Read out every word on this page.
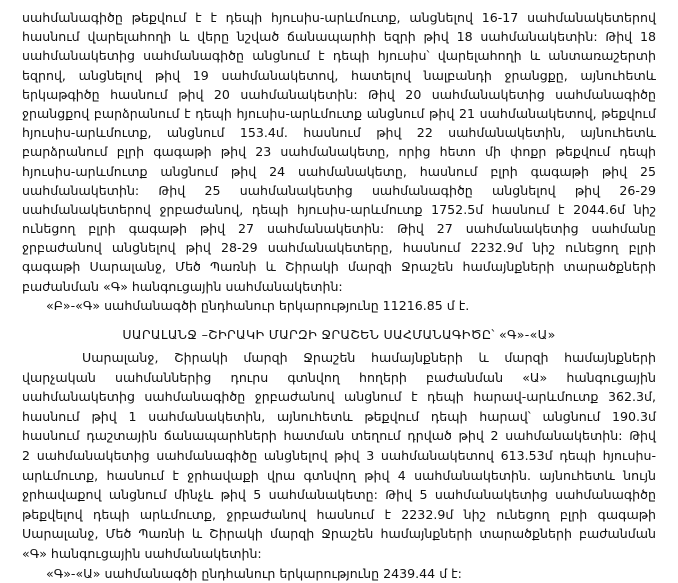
սահմանագիծը թեքվում է է դեպի հյուսիս-արևմուտք, անցնելով 16-17 սահմանակետերով
հասնում վարելահողի և վերը նշված ճանապարհի եզրի թիվ 18 սահմանակետին: Թիվ 18
սահմանակետից սահմանագիծը անցնում է դեպի հյուսիս՝ վարելահողի և անտառաշերտի
եզրով, անցնելով թիվ 19 սահմանակետով, հատելով նալբանդի ջրանցքը, այնուհետև
երկաթգիծը հասնում թիվ 20 սահմանակետին: Թիվ 20 սահմանակետից սահմանագիծը
ջրանցքով բարձրանում է դեպի հյուսիս-արևմուտք անցնում թիվ 21 սահմանակետով, թեքվում
հյուսիս-արևմուտք, անցնում 153.4մ. հասնում թիվ 22 սահմանակետին, այնուհետև
բարձրանում բլրի գագաթի թիվ 23 սահմանակետը, որից հետո մի փոքր թեքվում դեպի
հյուսիս-արևմուտք անցնում թիվ 24 սահմանակետը, հասնում բլրի գագաթի թիվ 25
սահմանակետին: Թիվ 25 սահմանակետից սահմանագիծը անցնելով թիվ 26-29
սահմանակետերով ջրբաժանով, դեպի հյուսիս-արևմուտք 1752.5մ հասնում է 2044.6մ նիշ
ունեցող բլրի գագաթի թիվ 27 սահմանակետին: Թիվ 27 սահմանակետից սահմանը
ջրբաժանով անցնելով թիվ 28-29 սահմանակետերը, հասնում 2232.9մ նիշ ունեցող բլրի
գագաթի Սարալանջ, Մեծ Պառնի և Շիրակի մարզի Ջրաշեն համայնքների տարածքների
բաժանման «Գ» հանգուցային սահմանակետին:
«Բ»-«Գ» սահմանագծի ընդհանուր երկարությունը 11216.85 մ է.
ՍԱՐԱԼԱՆՋ –ՇԻՐԱԿԻ ՄԱՐԶԻ ՋՐԱՇԵՆ ՍԱՀՄԱՆԱԳԻԾԸ՝ «Գ»-«Ա»
Սարալանջ, Շիրակի մարզի Ջրաշեն համայնքների և մարզի համայնքների
վարչական սահմաններից դուրս գտնվող հողերի բաժանման «Ա» հանգուցային
սահմանակետից սահմանագիծը ջրբաժանով անցնում է դեպի հարավ-արևմուտք 362.3մ,
հասնում թիվ 1 սահմանակետին, այնուհետև թեքվում դեպի հարավ՝ անցնում 190.3մ
հասնում դաշտային ճանապարհների հատման տեղում դրված թիվ 2 սահմանակետին: Թիվ
2 սահմանակետից սահմանագիծը անցնելով թիվ 3 սահմանակետով 613.53մ դեպի հյուսիս-
արևմուտք, հասնում է ջրհավաքի վրա գտնվող թիվ 4 սահմանակետին. այնուհետև նույն
ջրհավաքով անցնում մինչև թիվ 5 սահմանակետը: Թիվ 5 սահմանակետից սահմանագիծը
թեքվելով դեպի արևմուտք, ջրբաժանով հասնում է 2232.9մ նիշ ունեցող բլրի գագաթի
Սարալանջ, Մեծ Պառնի և Շիրակի մարզի Ջրաշեն համայնքների տարածքների բաժանման
«Գ» հանգուցային սահմանակետին:
«Գ»-«Ա» սահմանագծի ընդհանուր երկարությունը 2439.44 մ է:
